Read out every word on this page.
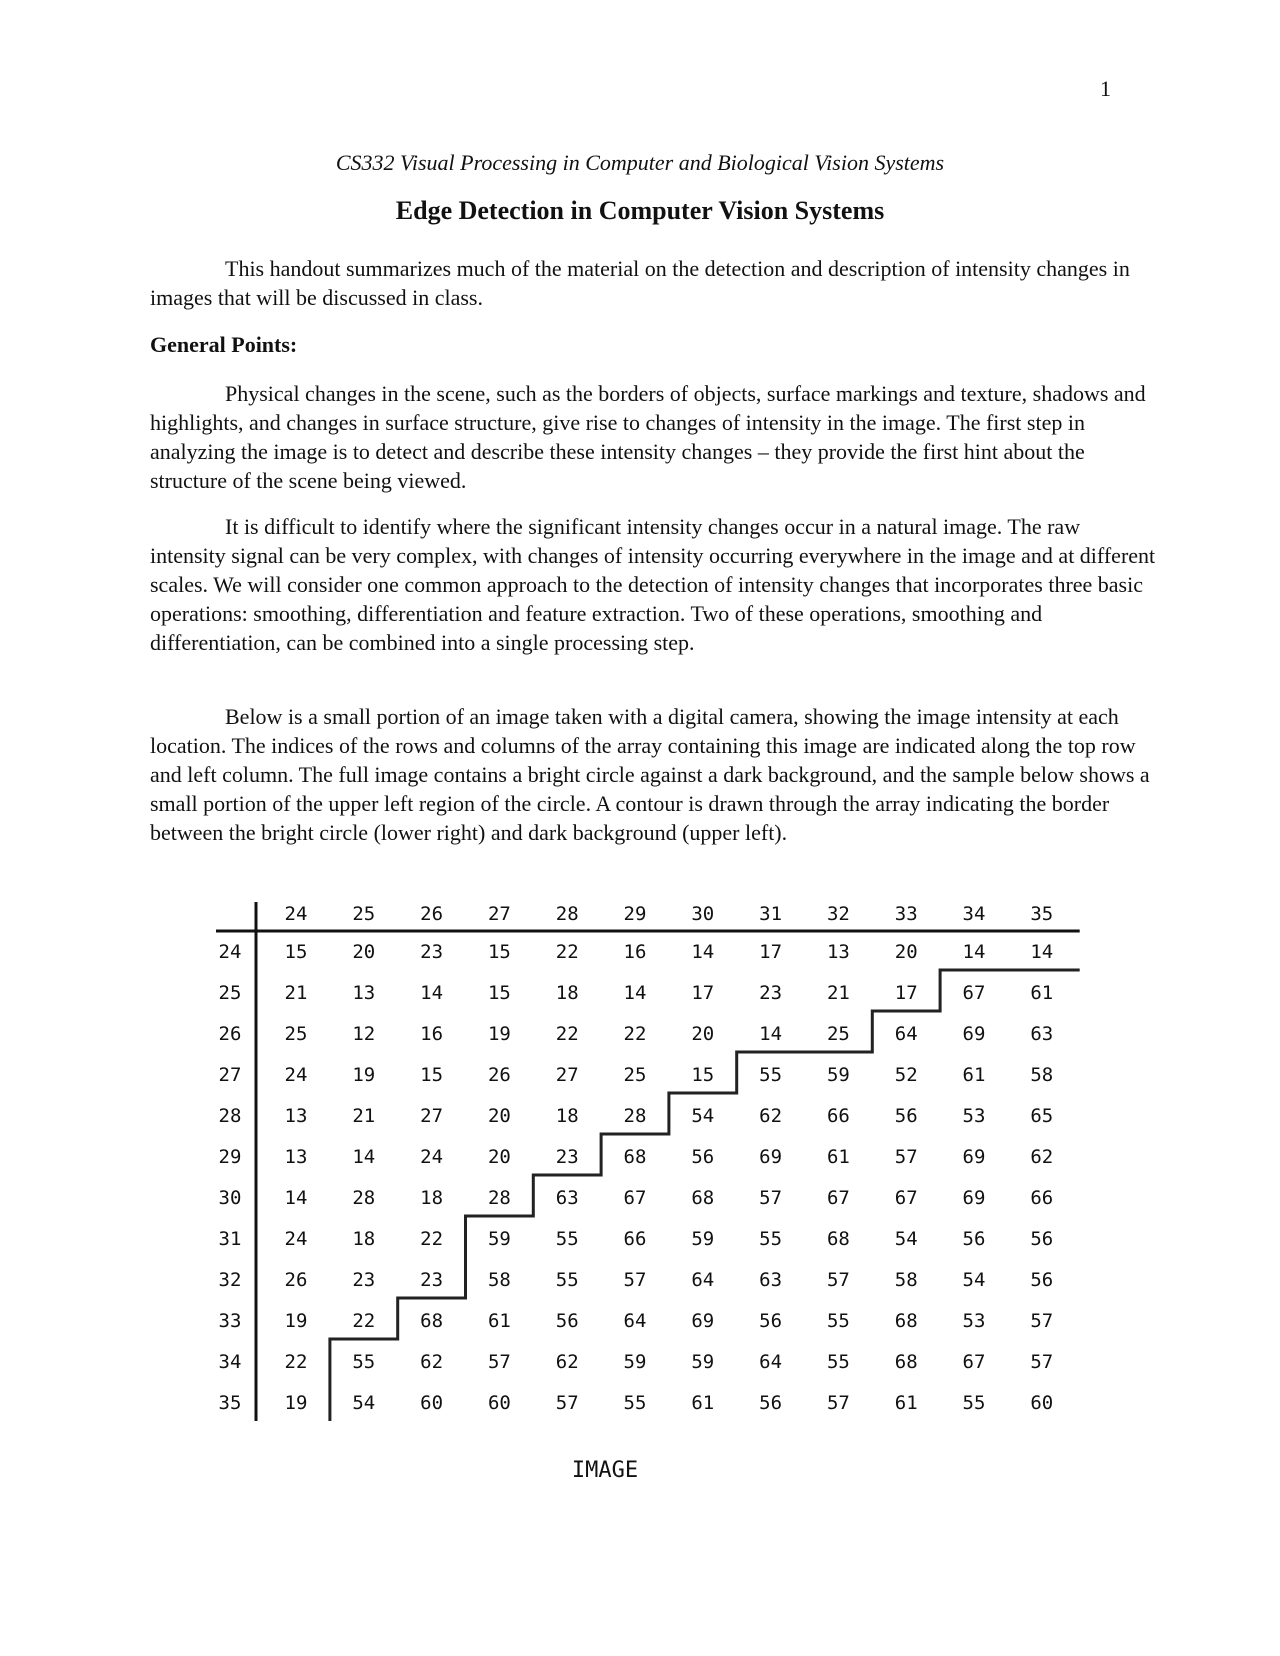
1
CS332 Visual Processing in Computer and Biological Vision Systems
Edge Detection in Computer Vision Systems
This handout summarizes much of the material on the detection and description of intensity changes in images that will be discussed in class.
General Points:
Physical changes in the scene, such as the borders of objects, surface markings and texture, shadows and highlights, and changes in surface structure, give rise to changes of intensity in the image. The first step in analyzing the image is to detect and describe these intensity changes – they provide the first hint about the structure of the scene being viewed.
It is difficult to identify where the significant intensity changes occur in a natural image. The raw intensity signal can be very complex, with changes of intensity occurring everywhere in the image and at different scales. We will consider one common approach to the detection of intensity changes that incorporates three basic operations: smoothing, differentiation and feature extraction. Two of these operations, smoothing and differentiation, can be combined into a single processing step.
Below is a small portion of an image taken with a digital camera, showing the image intensity at each location. The indices of the rows and columns of the array containing this image are indicated along the top row and left column. The full image contains a bright circle against a dark background, and the sample below shows a small portion of the upper left region of the circle. A contour is drawn through the array indicating the border between the bright circle (lower right) and dark background (upper left).
24 25 26 27 28 29 30 31 32 33 34 35
24 15 20 23 15 22 16 14 17 13 20 14 14
25 21 13 14 15 18 14 17 23 21 17 67 61
26 25 12 16 19 22 22 20 14 25 64 69 63
27 24 19 15 26 27 25 15 55 59 52 61 58
28 13 21 27 20 18 28 54 62 66 56 53 65
29 13 14 24 20 23 68 56 69 61 57 69 62
30 14 28 18 28 63 67 68 57 67 67 69 66
31 24 18 22 59 55 66 59 55 68 54 56 56
32 26 23 23 58 55 57 64 63 57 58 54 56
33 19 22 68 61 56 64 69 56 55 68 53 57
34 22 55 62 57 62 59 59 64 55 68 67 57
35 19 54 60 60 57 55 61 56 57 61 55 60
IMAGE
